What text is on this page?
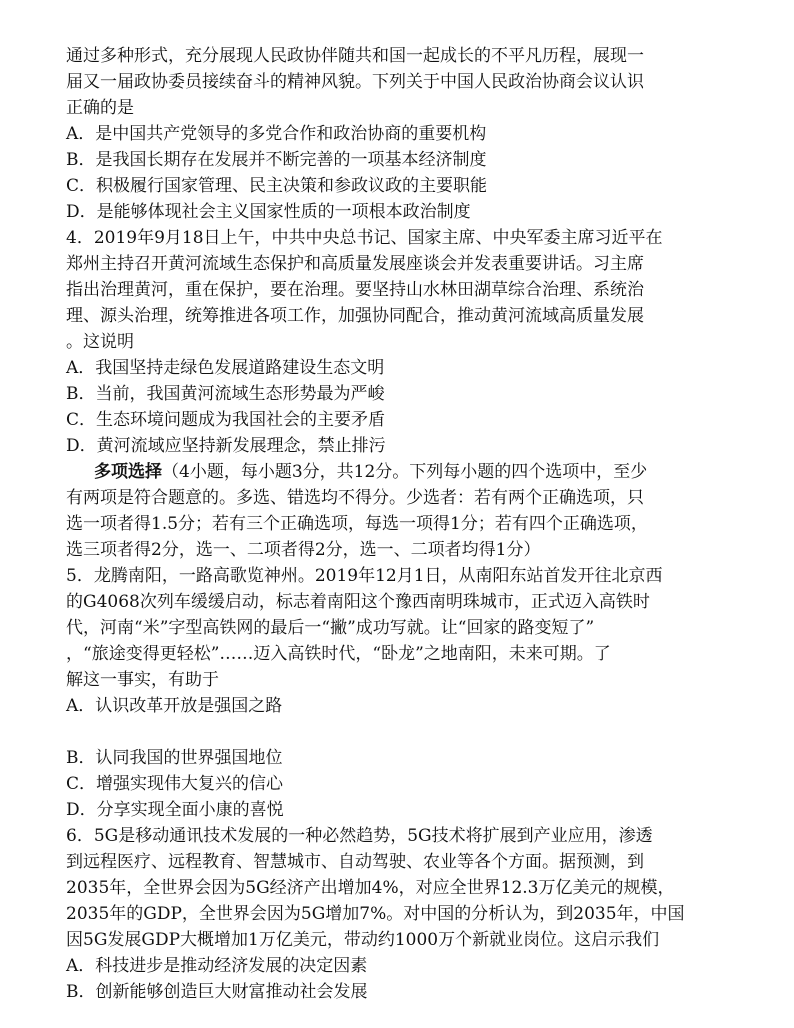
通过多种形式，充分展现人民政协伴随共和国一起成长的不平凡历程，展现一
届又一届政协委员接续奋斗的精神风貌。下列关于中国人民政治协商会议认识
正确的是
A．是中国共产党领导的多党合作和政治协商的重要机构
B．是我国长期存在发展并不断完善的一项基本经济制度
C．积极履行国家管理、民主决策和参政议政的主要职能
D．是能够体现社会主义国家性质的一项根本政治制度
4．2019年9月18日上午，中共中央总书记、国家主席、中央军委主席习近平在
郑州主持召开黄河流域生态保护和高质量发展座谈会并发表重要讲话。习主席
指出治理黄河，重在保护，要在治理。要坚持山水林田湖草综合治理、系统治
理、源头治理，统筹推进各项工作，加强协同配合，推动黄河流域高质量发展
。这说明
A．我国坚持走绿色发展道路建设生态文明
B．当前，我国黄河流域生态形势最为严峻
C．生态环境问题成为我国社会的主要矛盾
D．黄河流域应坚持新发展理念，禁止排污
多项选择（4小题，每小题3分，共12分。下列每小题的四个选项中，至少
有两项是符合题意的。多选、错选均不得分。少选者：若有两个正确选项，只
选一项者得1.5分；若有三个正确选项，每选一项得1分；若有四个正确选项，
选三项者得2分，选一、二项者得2分，选一、二项者均得1分）
5．龙腾南阳，一路高歌览神州。2019年12月1日，从南阳东站首发开往北京西
的G4068次列车缓缓启动，标志着南阳这个豫西南明珠城市，正式迈入高铁时
代，河南“米”字型高铁网的最后一“撇”成功写就。让“回家的路变短了”
，“旅途变得更轻松”……迈入高铁时代，“卧龙”之地南阳，未来可期。了
解这一事实，有助于
A．认识改革开放是强国之路
B．认同我国的世界强国地位
C．增强实现伟大复兴的信心
D．分享实现全面小康的喜悦
6．5G是移动通讯技术发展的一种必然趋势，5G技术将扩展到产业应用，渗透
到远程医疗、远程教育、智慧城市、自动驾驶、农业等各个方面。据预测，到
2035年，全世界会因为5G经济产出增加4%，对应全世界12.3万亿美元的规模，
2035年的GDP，全世界会因为5G增加7%。对中国的分析认为，到2035年，中国
因5G发展GDP大概增加1万亿美元，带动约1000万个新就业岗位。这启示我们
A．科技进步是推动经济发展的决定因素
B．创新能够创造巨大财富推动社会发展
